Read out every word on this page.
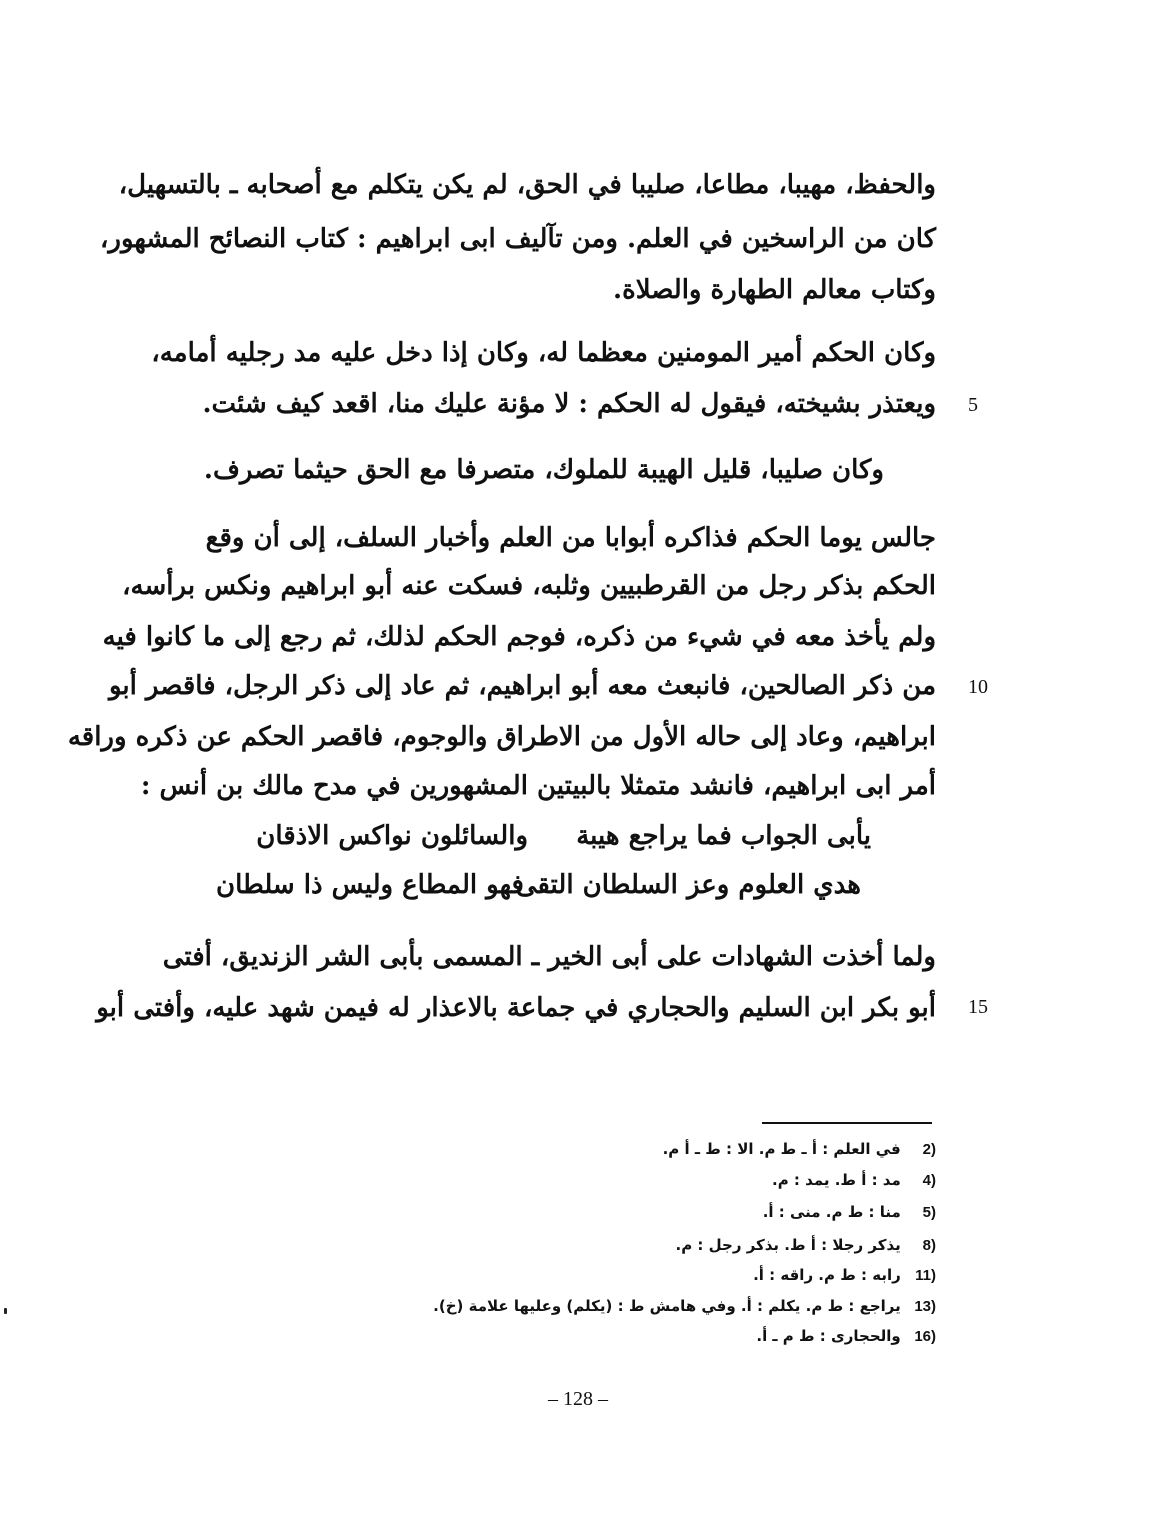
والحفظ، مهيبا، مطاعا، صليبا في الحق، لم يكن يتكلم مع أصحابه ـ بالتسهيل،
كان من الراسخين في العلم. ومن تآليف ابى ابراهيم : كتاب النصائح المشهور،
وكتاب معالم الطهارة والصلاة.
وكان الحكم أمير المومنين معظما له، وكان إذا دخل عليه مد رجليه أمامه،
ويعتذر بشيخته، فيقول له الحكم : لا مؤنة عليك منا، اقعد كيف شئت. 5
وكان صليبا، قليل الهيبة للملوك، متصرفا مع الحق حيثما تصرف.
جالس يوما الحكم فذاكره أبوابا من العلم وأخبار السلف، إلى أن وقع
الحكم بذكر رجل من القرطبيين وثلبه، فسكت عنه أبو ابراهيم ونكس برأسه،
ولم يأخذ معه في شيء من ذكره، فوجم الحكم لذلك، ثم رجع إلى ما كانوا فيه
من ذكر الصالحين، فانبعث معه أبو ابراهيم، ثم عاد إلى ذكر الرجل، فاقصر أبو 10
ابراهيم، وعاد إلى حاله الأول من الاطراق والوجوم، فاقصر الحكم عن ذكره وراقه
أمر ابى ابراهيم، فانشد متمثلا بالبيتين المشهورين في مدح مالك بن أنس :
يأبى الجواب فما يراجع هيبة
والسائلون نواكس الاذقان
هدي العلوم وعز السلطان التقى
فهو المطاع وليس ذا سلطان
ولما أخذت الشهادات على أبى الخير ـ المسمى بأبى الشر الزنديق، أفتى
أبو بكر ابن السليم والحجاري في جماعة بالاعذار له فيمن شهد عليه، وأفتى أبو 15
2) في العلم : أ ـ ط م. الا : ط ـ أ م.
4) مد : أ ط. يمد : م.
5) منا : ط م. منى : أ.
8) يذكر رجلا : أ ط. بذكر رجل : م.
11) رابه : ط م. راقه : أ.
13) يراجع : ط م. يكلم : أ. وفي هامش ط : (يكلم) وعليها علامة (خ).
16) والحجارى : ط م ـ أ.
– 128 –
